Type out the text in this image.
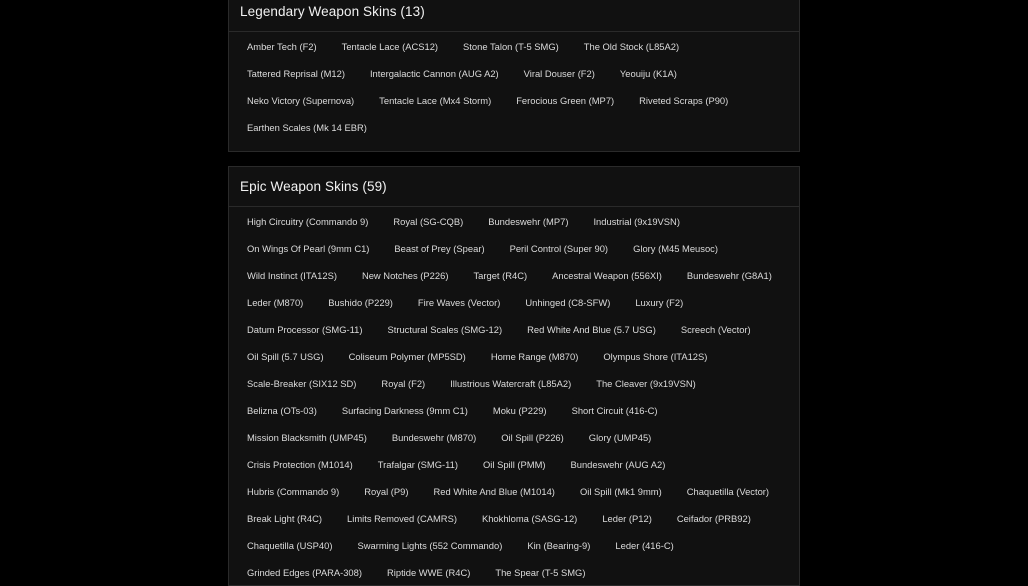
Legendary Weapon Skins (13)
Amber Tech (F2)	Tentacle Lace (ACS12)	Stone Talon (T-5 SMG)	The Old Stock (L85A2)
Tattered Reprisal (M12)	Intergalactic Cannon (AUG A2)	Viral Douser (F2)	Yeouiju (K1A)
Neko Victory (Supernova)	Tentacle Lace (Mx4 Storm)	Ferocious Green (MP7)	Riveted Scraps (P90)
Earthen Scales (Mk 14 EBR)
Epic Weapon Skins (59)
High Circuitry (Commando 9)	Royal (SG-CQB)	Bundeswehr (MP7)	Industrial (9x19VSN)
On Wings Of Pearl (9mm C1)	Beast of Prey (Spear)	Peril Control (Super 90)	Glory (M45 Meusoc)
Wild Instinct (ITA12S)	New Notches (P226)	Target (R4C)	Ancestral Weapon (556XI)	Bundeswehr (G8A1)
Leder (M870)	Bushido (P229)	Fire Waves (Vector)	Unhinged (C8-SFW)	Luxury (F2)
Datum Processor (SMG-11)	Structural Scales (SMG-12)	Red White And Blue (5.7 USG)	Screech (Vector)
Oil Spill (5.7 USG)	Coliseum Polymer (MP5SD)	Home Range (M870)	Olympus Shore (ITA12S)
Scale-Breaker (SIX12 SD)	Royal (F2)	Illustrious Watercraft (L85A2)	The Cleaver (9x19VSN)
Belizna (OTs-03)	Surfacing Darkness (9mm C1)	Moku (P229)	Short Circuit (416-C)
Mission Blacksmith (UMP45)	Bundeswehr (M870)	Oil Spill (P226)	Glory (UMP45)
Crisis Protection (M1014)	Trafalgar (SMG-11)	Oil Spill (PMM)	Bundeswehr (AUG A2)
Hubris (Commando 9)	Royal (P9)	Red White And Blue (M1014)	Oil Spill (Mk1 9mm)	Chaquetilla (Vector)
Break Light (R4C)	Limits Removed (CAMRS)	Khokhloma (SASG-12)	Leder (P12)	Ceifador (PRB92)
Chaquetilla (USP40)	Swarming Lights (552 Commando)	Kin (Bearing-9)	Leder (416-C)
Grinded Edges (PARA-308)	Riptide WWE (R4C)	The Spear (T-5 SMG)
